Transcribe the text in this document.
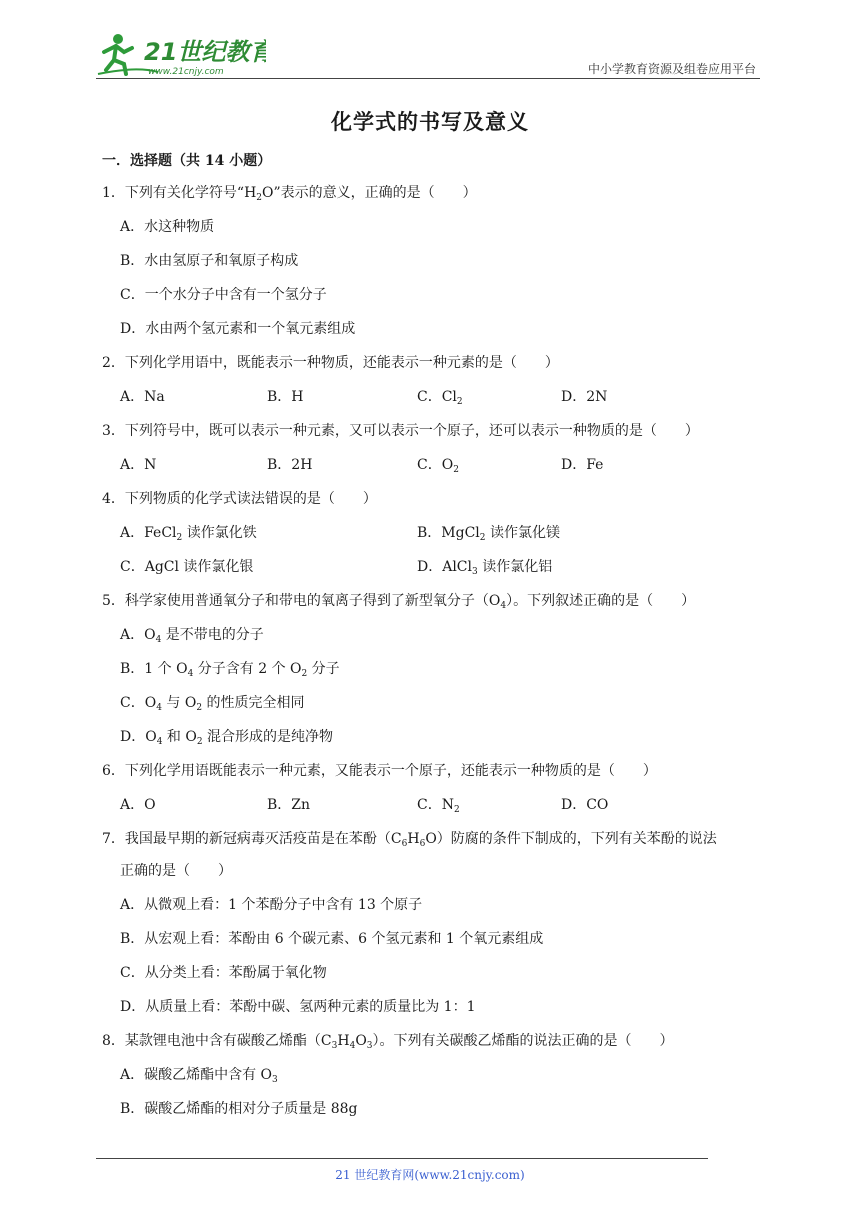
21世纪教育
www.21cnjy.com	中小学教育资源及组卷应用平台
化学式的书写及意义
一．选择题（共 14 小题）
1．下列有关化学符号“$H_2O$”表示的意义，正确的是（　　）
A．水这种物质
B．水由氢原子和氧原子构成
C．一个水分子中含有一个氢分子
D．水由两个氢元素和一个氧元素组成
2．下列化学用语中，既能表示一种物质，还能表示一种元素的是（　　）
A．Na	B．H	C．$Cl_2$	D．2N
3．下列符号中，既可以表示一种元素，又可以表示一个原子，还可以表示一种物质的是（　　）
A．N	B．2H	C．$O_2$	D．Fe
4．下列物质的化学式读法错误的是（　　）
A．FeCl$_2$ 读作氯化铁	B．MgCl$_2$ 读作氯化镁
C．AgCl 读作氯化银	D．AlCl$_3$ 读作氯化铝
5．科学家使用普通氧分子和带电的氧离子得到了新型氧分子$(O_4)$。下列叙述正确的是（　　）
A．$O_4$ 是不带电的分子
B．1 个 $O_4$ 分子含有 2 个 $O_2$ 分子
C．$O_4$ 与 $O_2$ 的性质完全相同
D．$O_4$ 和 $O_2$ 混合形成的是纯净物
6．下列化学用语既能表示一种元素，又能表示一个原子，还能表示一种物质的是（　　）
A．O	B．Zn	C．$N_2$	D．CO
7．我国最早期的新冠病毒灭活疫苗是在苯酚$(C_6H_6O)$防腐的条件下制成的，下列有关苯酚的说法
正确的是（　　）
A．从微观上看：1 个苯酚分子中含有 13 个原子
B．从宏观上看：苯酚由 6 个碳元素、6 个氢元素和 1 个氧元素组成
C．从分类上看：苯酚属于氧化物
D．从质量上看：苯酚中碳、氢两种元素的质量比为 1：1
8．某款锂电池中含有碳酸乙烯酯$(C_3H_4O_3)$。下列有关碳酸乙烯酯的说法正确的是（　　）
A．碳酸乙烯酯中含有 $O_3$
B．碳酸乙烯酯的相对分子质量是 88g
21 世纪教育网(www.21cnjy.com)
